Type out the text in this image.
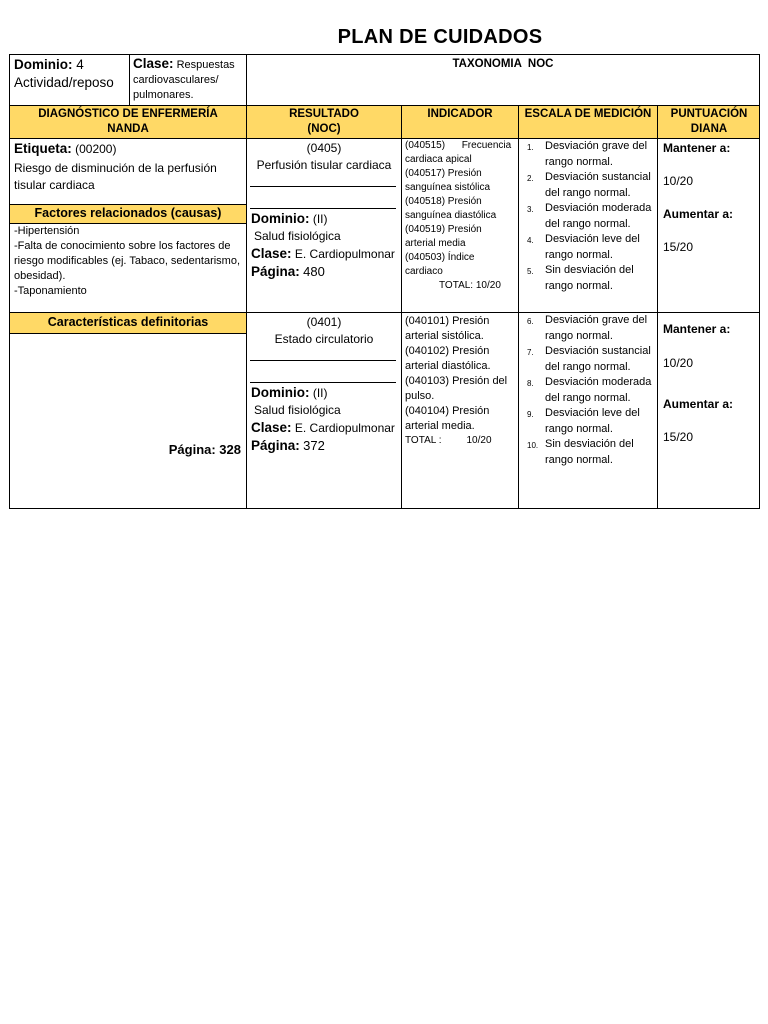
PLAN DE CUIDADOS
Dominio: 4
Actividad/reposo
Clase: Respuestas cardiovasculares/ pulmonares.
TAXONOMIA  NOC
DIAGNÓSTICO DE ENFERMERÍA NANDA
RESULTADO (NOC)
INDICADOR	ESCALA DE MEDICIÓN	PUNTUACIÓN DIANA
Etiqueta: (00200)
Riesgo de disminución de la perfusión tisular cardiaca
Factores relacionados (causas)
-Hipertensión
-Falta de conocimiento sobre los factores de riesgo modificables (ej. Tabaco, sedentarismo, obesidad).
-Taponamiento
Características definitorias
Página: 328
(0405)
Perfusión tisular cardiaca
Dominio: (II)
Salud fisiológica
Clase: E. Cardiopulmonar
Página: 480
(040515)      Frecuencia cardiaca apical
(040517) Presión sanguínea sistólica
(040518) Presión sanguínea diastólica
(040519) Presión arterial media
(040503) Índice cardiaco
TOTAL: 10/20
1. Desviación grave del rango normal.
2. Desviación sustancial del rango normal.
3. Desviación moderada del rango normal.
4. Desviación leve del rango normal.
5. Sin desviación del rango normal.
Mantener a:
10/20
Aumentar a:
15/20
(0401)
Estado circulatorio
Dominio: (II)
Salud fisiológica
Clase: E. Cardiopulmonar
Página: 372
(040101) Presión arterial sistólica.
(040102) Presión arterial diastólica.
(040103) Presión del pulso.
(040104) Presión arterial media.
TOTAL :         10/20
6. Desviación grave del rango normal.
7. Desviación sustancial del rango normal.
8. Desviación moderada del rango normal.
9. Desviación leve del rango normal.
10. Sin desviación del rango normal.
Mantener a:
10/20
Aumentar a:
15/20
